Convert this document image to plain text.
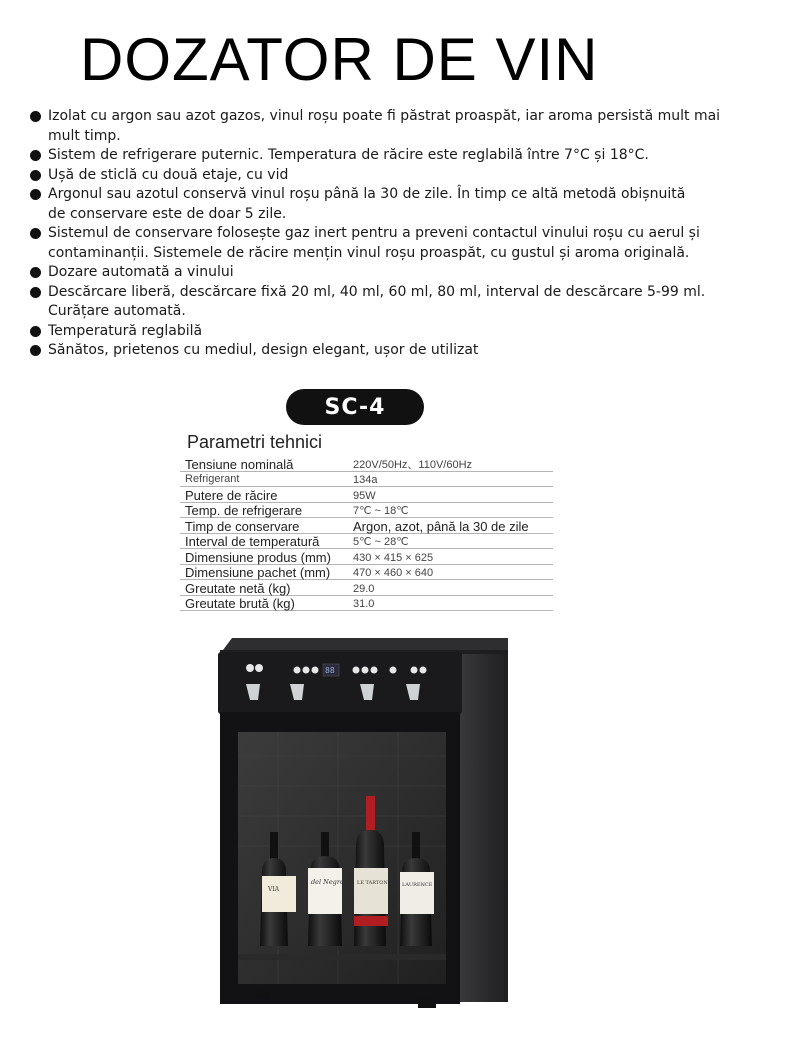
DOZATOR DE VIN
Izolat cu argon sau azot gazos, vinul roșu poate fi păstrat proaspăt, iar aroma persistă mult mai
mult timp.
Sistem de refrigerare puternic. Temperatura de răcire este reglabilă între 7°C și 18°C.
Ușă de sticlă cu două etaje, cu vid
Argonul sau azotul conservă vinul roșu până la 30 de zile. În timp ce altă metodă obișnuită
de conservare este de doar 5 zile.
Sistemul de conservare folosește gaz inert pentru a preveni contactul vinului roșu cu aerul și
contaminanții. Sistemele de răcire mențin vinul roșu proaspăt, cu gustul și aroma originală.
Dozare automată a vinului
Descărcare liberă, descărcare fixă 20 ml, 40 ml, 60 ml, 80 ml, interval de descărcare 5-99 ml.
Curățare automată.
Temperatură reglabilă
Sănătos, prietenos cu mediul, design elegant, ușor de utilizat
SC-4
Parametri tehnici
Tensiune nominală	220V/50Hz、110V/60Hz
Refrigerant	134a
Putere de răcire	95W
Temp. de refrigerare	7℃ ~ 18℃
Timp de conservare	Argon, azot, până la 30 de zile
Interval de temperatură	5℃ ~ 28℃
Dimensiune produs (mm)	430 × 415 × 625
Dimensiune pachet (mm)	470 × 460 × 640
Greutate netă (kg)	29.0
Greutate brută (kg)	31.0
VIA
del Negro	LE TARTON	LAURENCE
88
